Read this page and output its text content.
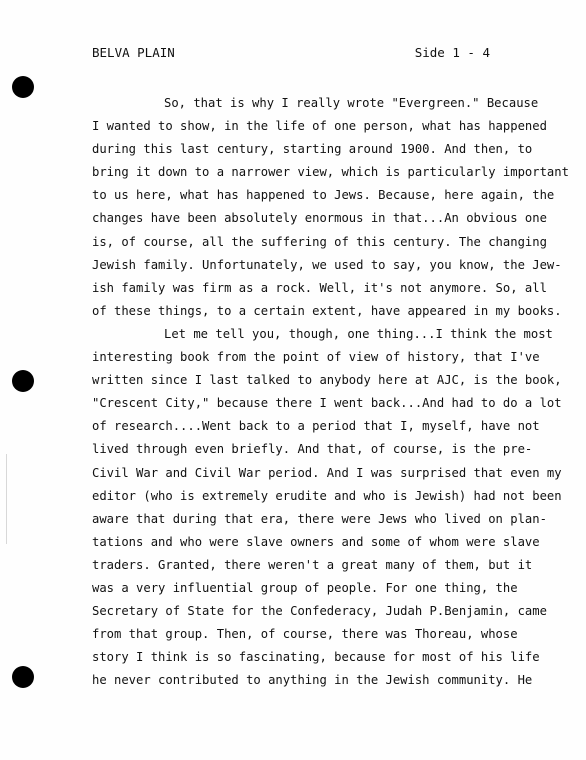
BELVA PLAIN	Side 1 - 4
So, that is why I really wrote "Evergreen." Because
I wanted to show, in the life of one person, what has happened
during this last century, starting around 1900. And then, to
bring it down to a narrower view, which is particularly important
to us here, what has happened to Jews. Because, here again, the
changes have been absolutely enormous in that...An obvious one
is, of course, all the suffering of this century. The changing
Jewish family. Unfortunately, we used to say, you know, the Jew-
ish family was firm as a rock. Well, it's not anymore. So, all
of these things, to a certain extent, have appeared in my books.
Let me tell you, though, one thing...I think the most
interesting book from the point of view of history, that I've
written since I last talked to anybody here at AJC, is the book,
"Crescent City," because there I went back...And had to do a lot
of research....Went back to a period that I, myself, have not
lived through even briefly. And that, of course, is the pre-
Civil War and Civil War period. And I was surprised that even my
editor (who is extremely erudite and who is Jewish) had not been
aware that during that era, there were Jews who lived on plan-
tations and who were slave owners and some of whom were slave
traders. Granted, there weren't a great many of them, but it
was a very influential group of people. For one thing, the
Secretary of State for the Confederacy, Judah P.Benjamin, came
from that group. Then, of course, there was Thoreau, whose
story I think is so fascinating, because for most of his life
he never contributed to anything in the Jewish community. He
